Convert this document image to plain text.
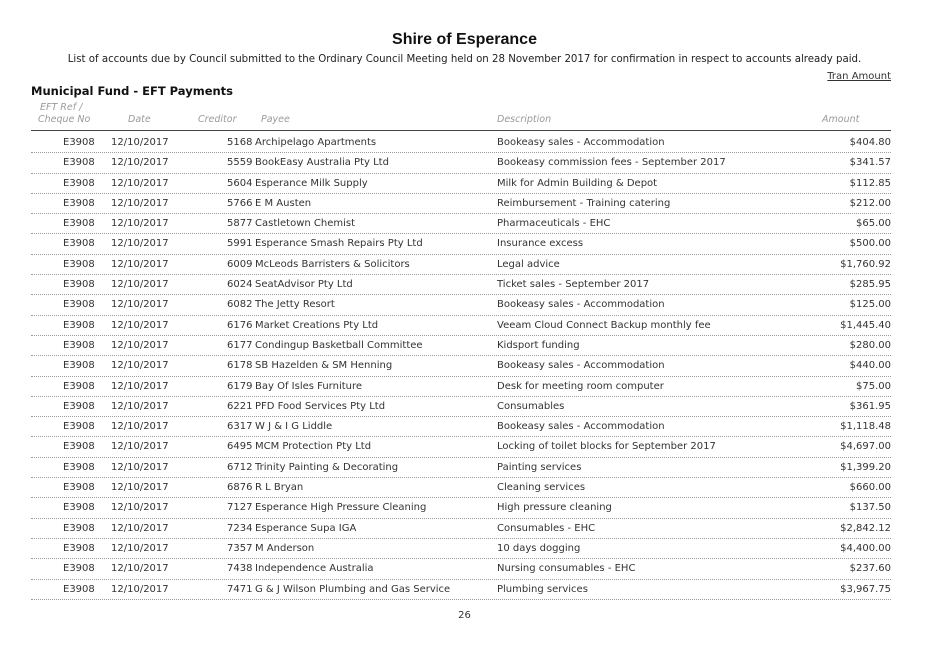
Shire of Esperance
List of accounts due by Council submitted to the Ordinary Council Meeting held on 28 November 2017 for confirmation in respect to accounts already paid.
Tran Amount
Municipal Fund - EFT Payments
EFT Ref /
Cheque No	Date	Creditor	Payee	Description	Amount
E3908 12/10/2017	5168 Archipelago Apartments	Bookeasy sales - Accommodation	$404.80
E3908 12/10/2017	5559 BookEasy Australia Pty Ltd	Bookeasy commission fees - September 2017	$341.57
E3908 12/10/2017	5604 Esperance Milk Supply	Milk for Admin Building & Depot	$112.85
E3908 12/10/2017	5766 E M Austen	Reimbursement - Training catering	$212.00
E3908 12/10/2017	5877 Castletown Chemist	Pharmaceuticals - EHC	$65.00
E3908 12/10/2017	5991 Esperance Smash Repairs Pty Ltd	Insurance excess	$500.00
E3908 12/10/2017	6009 McLeods Barristers & Solicitors	Legal advice	$1,760.92
E3908 12/10/2017	6024 SeatAdvisor Pty Ltd	Ticket sales - September 2017	$285.95
E3908 12/10/2017	6082 The Jetty Resort	Bookeasy sales - Accommodation	$125.00
E3908 12/10/2017	6176 Market Creations Pty Ltd	Veeam Cloud Connect Backup monthly fee	$1,445.40
E3908 12/10/2017	6177 Condingup Basketball Committee	Kidsport funding	$280.00
E3908 12/10/2017	6178 SB Hazelden & SM Henning	Bookeasy sales - Accommodation	$440.00
E3908 12/10/2017	6179 Bay Of Isles Furniture	Desk for meeting room computer	$75.00
E3908 12/10/2017	6221 PFD Food Services Pty Ltd	Consumables	$361.95
E3908 12/10/2017	6317 W J & I G Liddle	Bookeasy sales - Accommodation	$1,118.48
E3908 12/10/2017	6495 MCM Protection Pty Ltd	Locking of toilet blocks for September 2017	$4,697.00
E3908 12/10/2017	6712 Trinity Painting & Decorating	Painting services	$1,399.20
E3908 12/10/2017	6876 R L Bryan	Cleaning services	$660.00
E3908 12/10/2017	7127 Esperance High Pressure Cleaning	High pressure cleaning	$137.50
E3908 12/10/2017	7234 Esperance Supa IGA	Consumables - EHC	$2,842.12
E3908 12/10/2017	7357 M Anderson	10 days dogging	$4,400.00
E3908 12/10/2017	7438 Independence Australia	Nursing consumables - EHC	$237.60
E3908 12/10/2017	7471 G & J Wilson Plumbing and Gas Service	Plumbing services	$3,967.75
26
